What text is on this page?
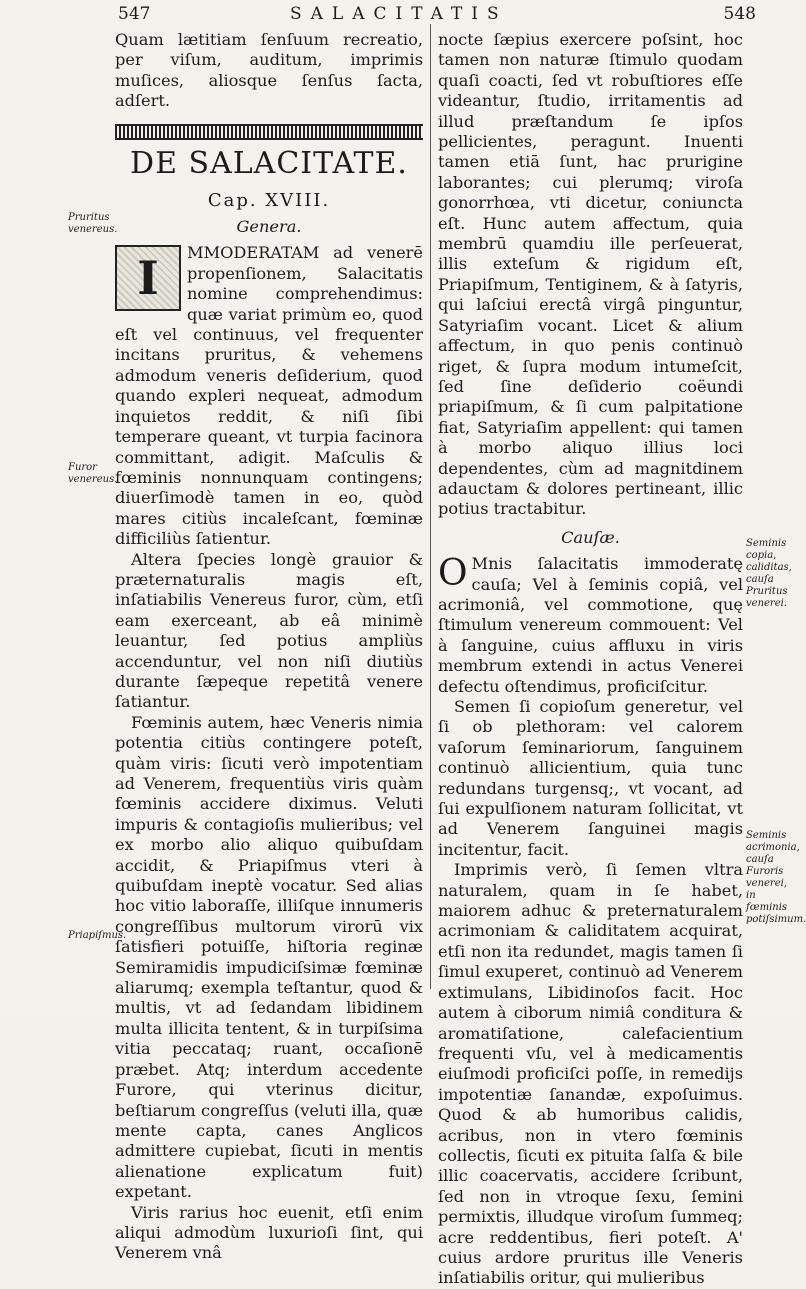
547	SALACITATIS	548

Quam lætitiam ſenſuum recreatio, per viſum, auditum, imprimis muſices, aliosque ſenſus ſacta, adſert.

DE SALACITATE.
Cap. XVIII.
Genera.

I	MMODERATAM ad venerē propenſionem, Salacitatis nomine comprehendimus: quæ variat primùm eo, quod eſt vel continuus, vel frequenter incitans pruritus, & vehemens admodum veneris deſiderium, quod quando expleri nequeat, admodum inquietos reddit, & niſi ſibi temperare queant, vt turpia facinora committant, adigit. Maſculis & fœminis nonnunquam contingens; diuerſimodè tamen in eo, quòd mares citiùs incaleſcant, fœminæ difficiliùs ſatientur.

Altera ſpecies longè grauior & præternaturalis magis eſt, inſatiabilis Venereus furor, cùm, etſi eam exerceant, ab eâ minimè leuantur, ſed potius ampliùs accenduntur, vel non niſi diutiùs durante ſæpeque repetitâ venere ſatiantur.

Fœminis autem, hæc Veneris nimia potentia citiùs contingere poteſt, quàm viris: ſicuti verò impotentiam ad Venerem, frequentiùs viris quàm fœminis accidere diximus. Veluti impuris & contagioſis mulieribus; vel ex morbo alio aliquo quibuſdam accidit, & Priapiſmus vteri à quibuſdam ineptè vocatur. Sed alias hoc vitio laboraſſe, illiſque innumeris congreſſibus multorum virorū vix ſatisfieri potuiſſe, hiſtoria reginæ Semiramidis impudiciſsimæ fœminæ aliarumq; exempla teſtantur, quod & multis, vt ad ſedandam libidinem multa illicita tentent, & in turpiſsima vitia peccataq; ruant, occaſionē præbet. Atq; interdum accedente Furore, qui vterinus dicitur, beſtiarum congreſſus (veluti illa, quæ mente capta, canes Anglicos admittere cupiebat, ſicuti in mentis alienatione explicatum fuit) expetant.

Viris rarius hoc euenit, etſi enim aliqui admodùm luxurioſi ſint, qui Venerem vnâ

nocte ſæpius exercere poſsint, hoc tamen non naturæ ſtimulo quodam quaſi coacti, ſed vt robuſtiores eſſe videantur, ſtudio, irritamentis ad illud præſtandum ſe ipſos pellicientes, peragunt. Inuenti tamen etiā ſunt, hac prurigine laborantes; cui plerumq; viroſa gonorrhœa, vti dicetur, coniuncta eſt. Hunc autem affectum, quia membrū quamdiu ille perſeuerat, illis exteſum & rigidum eſt, Priapiſmum, Tentiginem, & à ſatyris, qui laſciui erectâ virgâ pinguntur, Satyriaſim vocant. Licet & alium affectum, in quo penis continuò riget, & ſupra modum intumeſcit, ſed ſine deſiderio coëundi priapiſmum, & ſi cum palpitatione fiat, Satyriaſim appellent: qui tamen à morbo aliquo illius loci dependentes, cùm ad magnitdinem adauctam & dolores pertineant, illic potius tractabitur.

Cauſæ.

O Mnis ſalacitatis immoderatę cauſa; Vel à ſeminis copiâ, vel acrimoniâ, vel commotione, quę ſtimulum venereum commouent: Vel à ſanguine, cuius affluxu in viris membrum extendi in actus Venerei defectu oſtendimus, proficiſcitur.

Semen ſi copioſum generetur, vel ſi ob plethoram: vel calorem vaſorum ſeminariorum, ſanguinem continuò allicientium, quia tunc redundans turgensq;, vt vocant, ad ſui expulſionem naturam ſollicitat, vt ad Venerem ſanguinei magis incitentur, facit.

Imprimis verò, ſi ſemen vltra naturalem, quam in ſe habet, maiorem adhuc & preternaturalem acrimoniam & caliditatem acquirat, etſi non ita redundet, magis tamen ſi ſimul exuperet, continuò ad Venerem extimulans, Libidinoſos facit. Hoc autem à ciborum nimiâ conditura & aromatiſatione, calefacientium frequenti vſu, vel à medicamentis eiuſmodi proficiſci poſſe, in remedijs impotentiæ ſanandæ, expoſuimus. Quod & ab humoribus calidis, acribus, non in vtero fœminis collectis, ſicuti ex pituita ſalſa & bile illic coacervatis, accidere ſcribunt, ſed non in vtroque ſexu, ſemini permixtis, illudque viroſum ſummeq; acre reddentibus, fieri poteſt. A' cuius ardore pruritus ille Veneris inſatiabilis oritur, qui mulieribus

Pruritus venereus.
Furor venereus.
Priapiſmus.
Seminis copia, caliditas, cauſa Pruritus venerei.
Seminis acrimonia, cauſa Furoris venerei, in fœminis potiſsimum.
